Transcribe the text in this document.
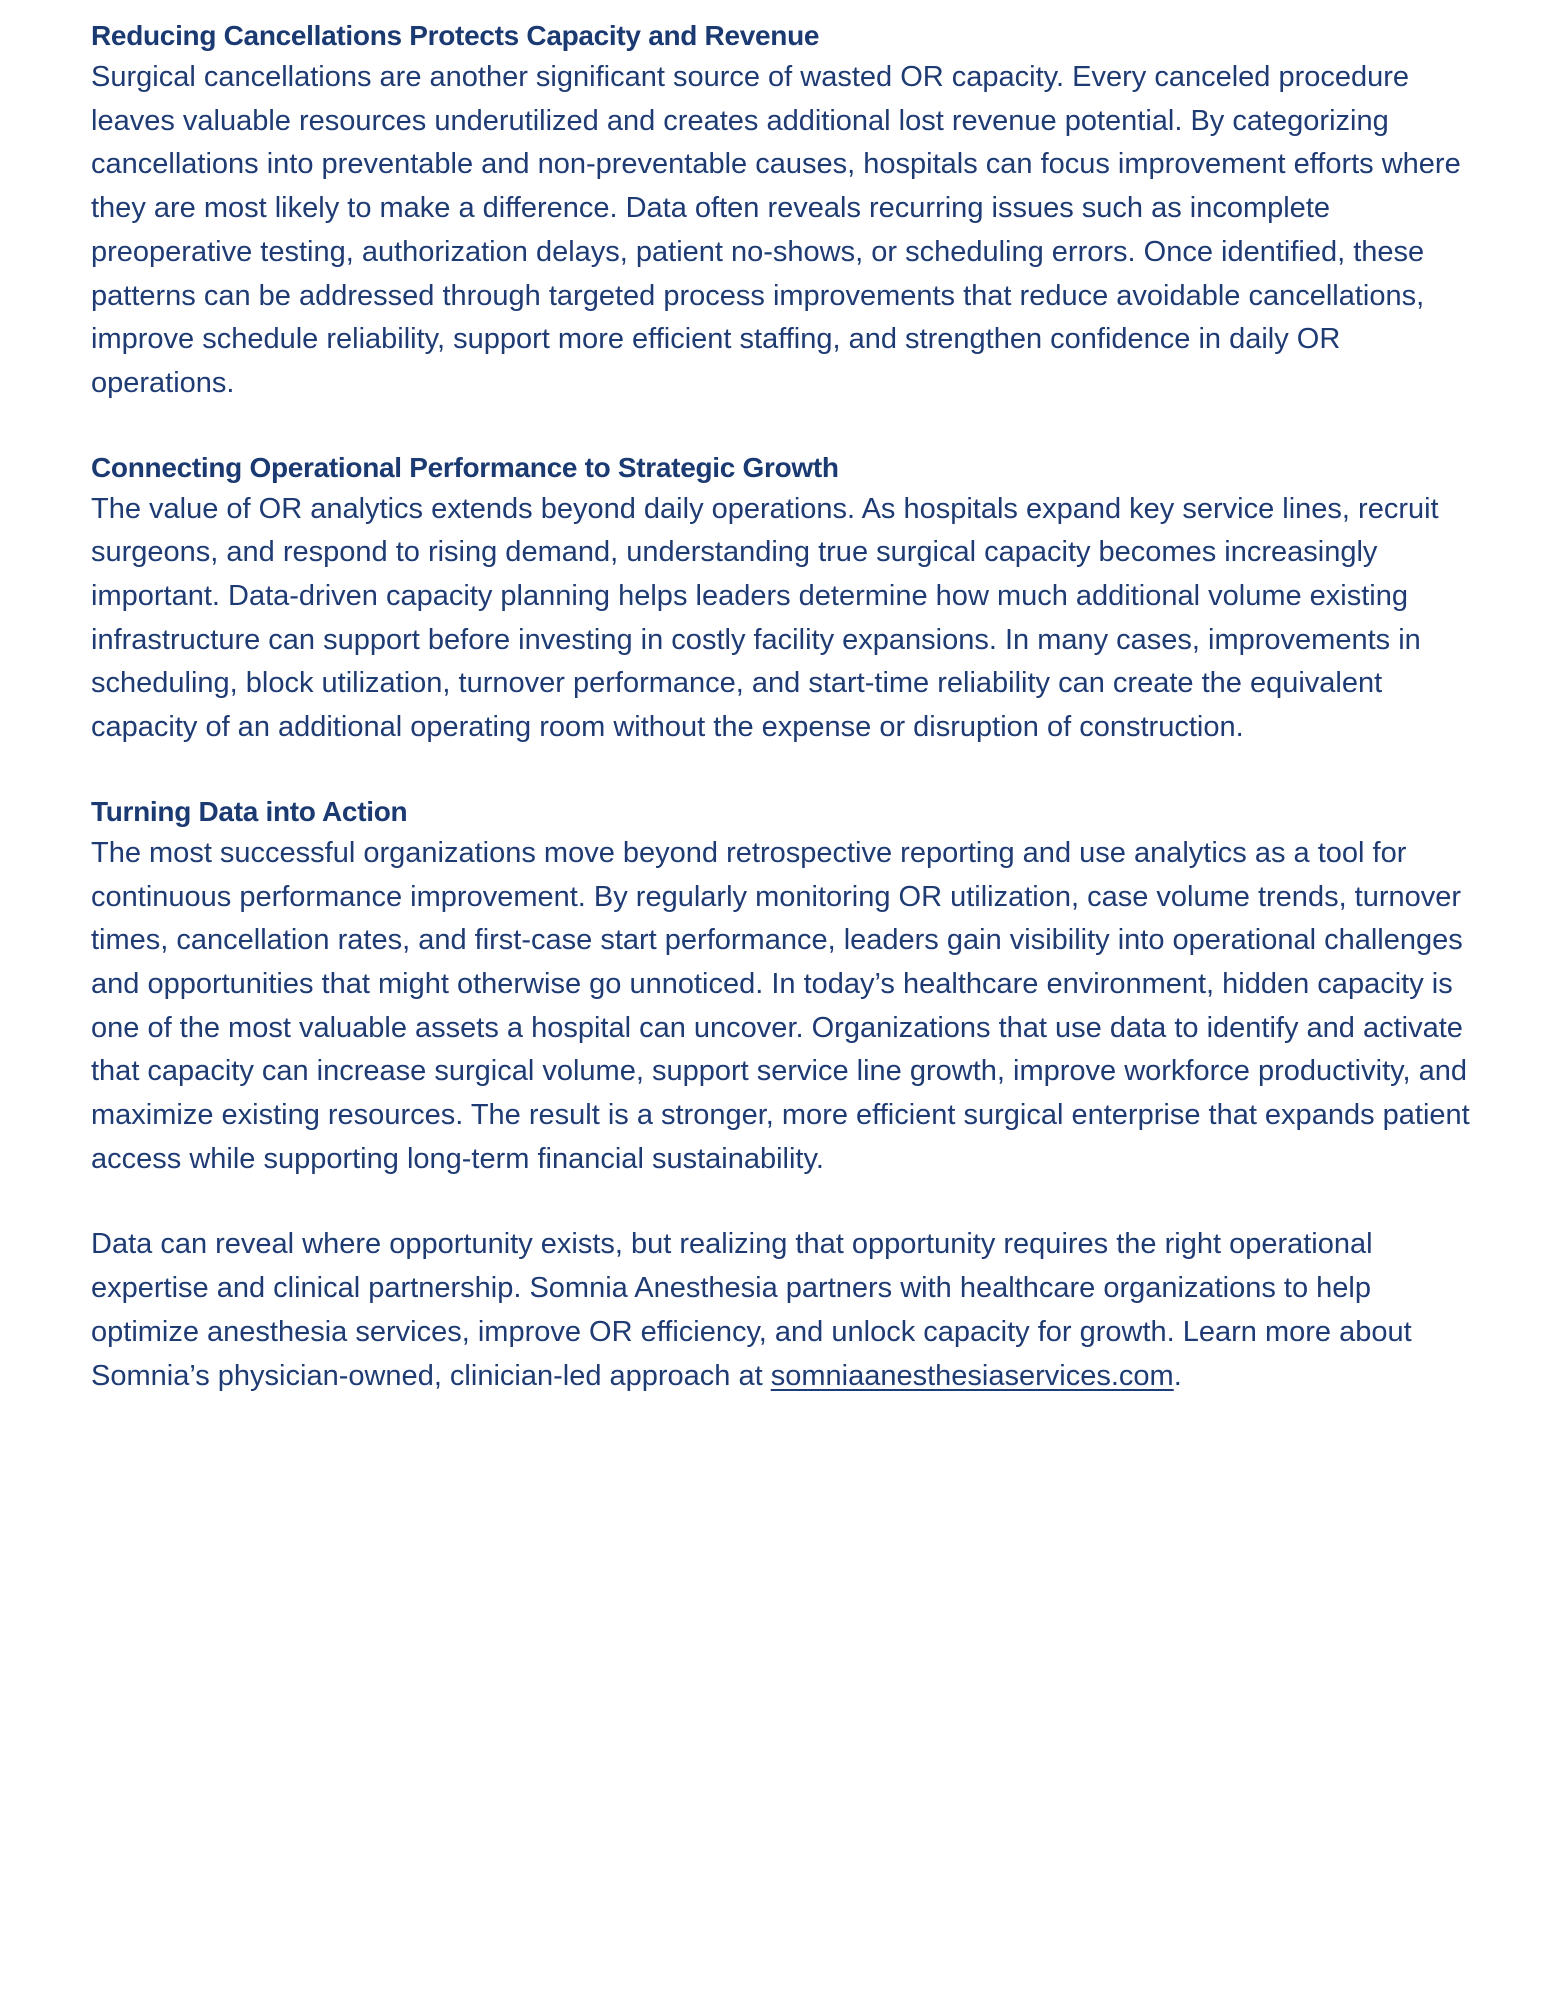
Reducing Cancellations Protects Capacity and Revenue

Surgical cancellations are another significant source of wasted OR capacity. Every canceled procedure leaves valuable resources underutilized and creates additional lost revenue potential. By categorizing cancellations into preventable and non-preventable causes, hospitals can focus improvement efforts where they are most likely to make a difference. Data often reveals recurring issues such as incomplete preoperative testing, authorization delays, patient no-shows, or scheduling errors. Once identified, these patterns can be addressed through targeted process improvements that reduce avoidable cancellations, improve schedule reliability, support more efficient staffing, and strengthen confidence in daily OR operations.

Connecting Operational Performance to Strategic Growth

The value of OR analytics extends beyond daily operations. As hospitals expand key service lines, recruit surgeons, and respond to rising demand, understanding true surgical capacity becomes increasingly important. Data-driven capacity planning helps leaders determine how much additional volume existing infrastructure can support before investing in costly facility expansions. In many cases, improvements in scheduling, block utilization, turnover performance, and start-time reliability can create the equivalent capacity of an additional operating room without the expense or disruption of construction.

Turning Data into Action

The most successful organizations move beyond retrospective reporting and use analytics as a tool for continuous performance improvement. By regularly monitoring OR utilization, case volume trends, turnover times, cancellation rates, and first-case start performance, leaders gain visibility into operational challenges and opportunities that might otherwise go unnoticed. In today’s healthcare environment, hidden capacity is one of the most valuable assets a hospital can uncover. Organizations that use data to identify and activate that capacity can increase surgical volume, support service line growth, improve workforce productivity, and maximize existing resources. The result is a stronger, more efficient surgical enterprise that expands patient access while supporting long-term financial sustainability.

Data can reveal where opportunity exists, but realizing that opportunity requires the right operational expertise and clinical partnership. Somnia Anesthesia partners with healthcare organizations to help optimize anesthesia services, improve OR efficiency, and unlock capacity for growth. Learn more about Somnia’s physician-owned, clinician-led approach at somniaanesthesiaservices.com.
